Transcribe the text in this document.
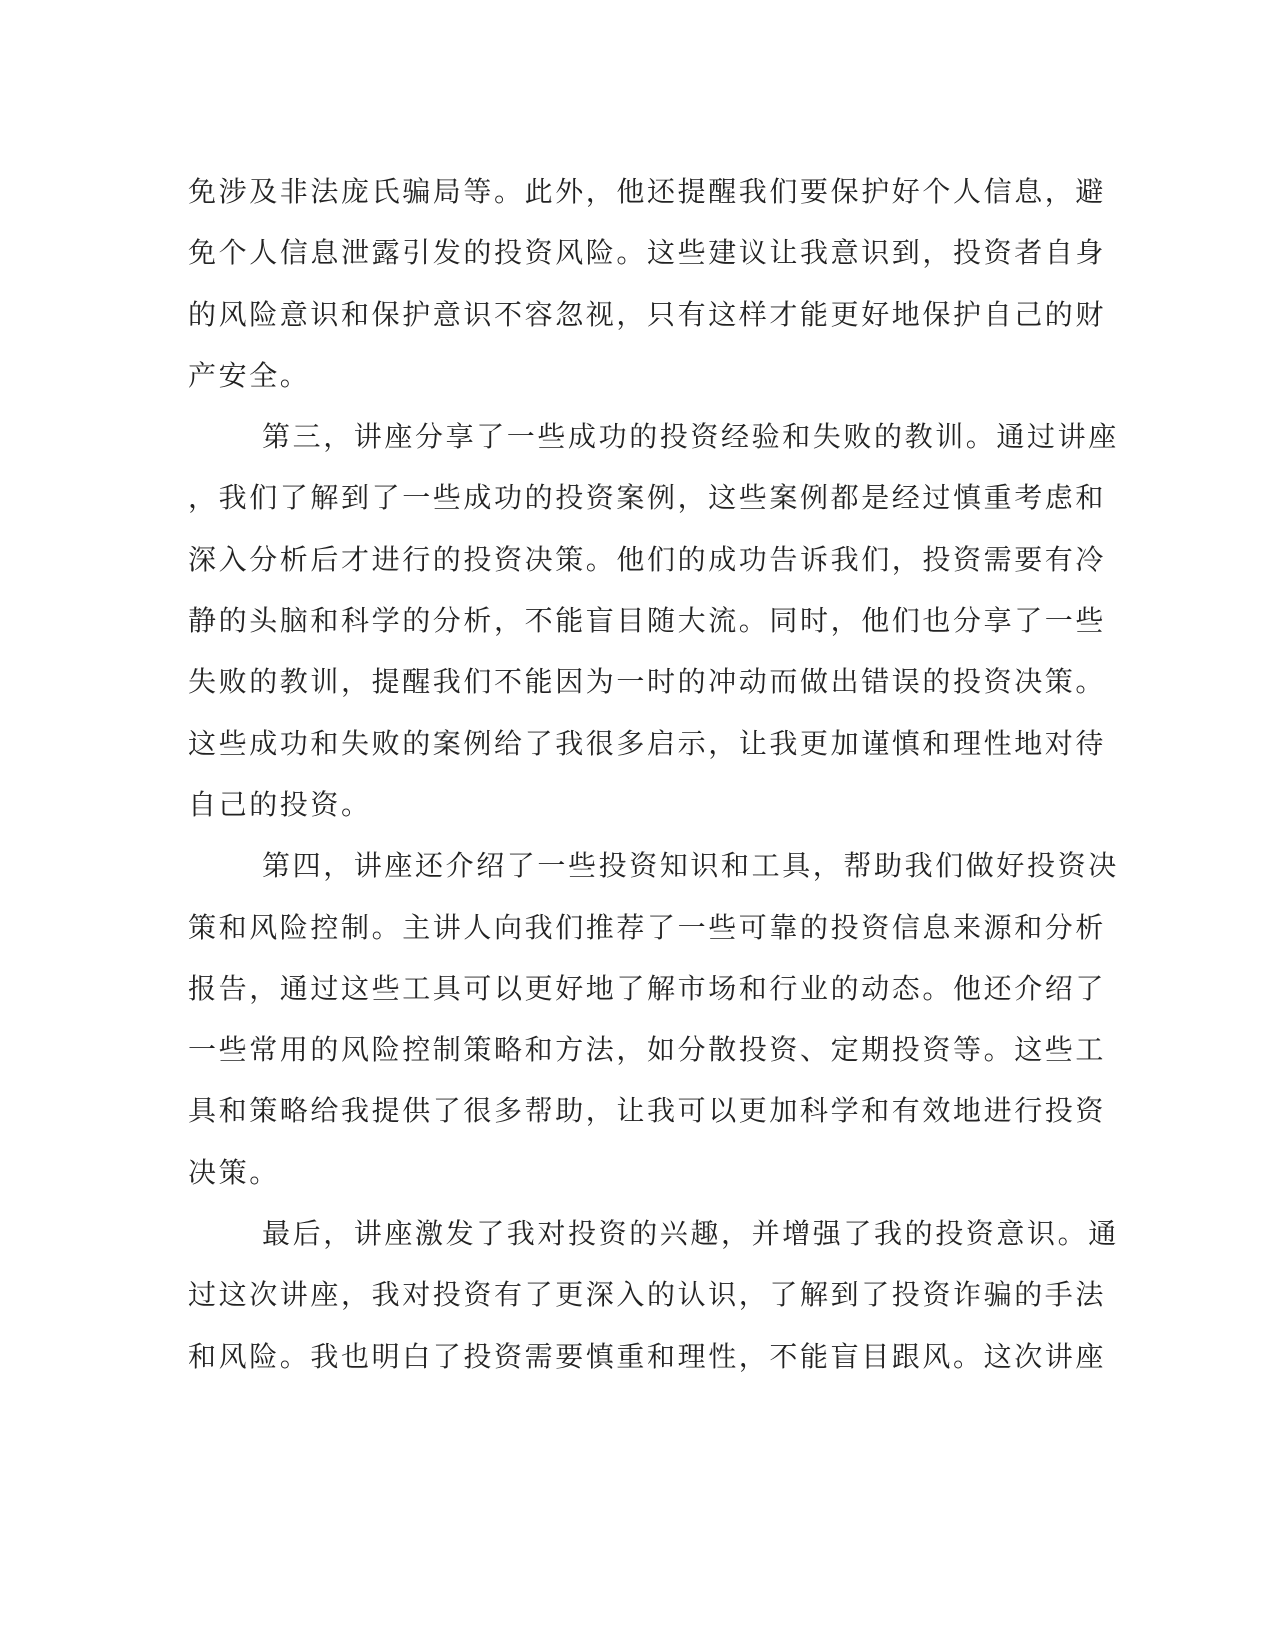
免涉及非法庞氏骗局等。此外，他还提醒我们要保护好个人信息，避
免个人信息泄露引发的投资风险。这些建议让我意识到，投资者自身
的风险意识和保护意识不容忽视，只有这样才能更好地保护自己的财
产安全。
第三，讲座分享了一些成功的投资经验和失败的教训。通过讲座
，我们了解到了一些成功的投资案例，这些案例都是经过慎重考虑和
深入分析后才进行的投资决策。他们的成功告诉我们，投资需要有冷
静的头脑和科学的分析，不能盲目随大流。同时，他们也分享了一些
失败的教训，提醒我们不能因为一时的冲动而做出错误的投资决策。
这些成功和失败的案例给了我很多启示，让我更加谨慎和理性地对待
自己的投资。
第四，讲座还介绍了一些投资知识和工具，帮助我们做好投资决
策和风险控制。主讲人向我们推荐了一些可靠的投资信息来源和分析
报告，通过这些工具可以更好地了解市场和行业的动态。他还介绍了
一些常用的风险控制策略和方法，如分散投资、定期投资等。这些工
具和策略给我提供了很多帮助，让我可以更加科学和有效地进行投资
决策。
最后，讲座激发了我对投资的兴趣，并增强了我的投资意识。通
过这次讲座，我对投资有了更深入的认识，了解到了投资诈骗的手法
和风险。我也明白了投资需要慎重和理性，不能盲目跟风。这次讲座
